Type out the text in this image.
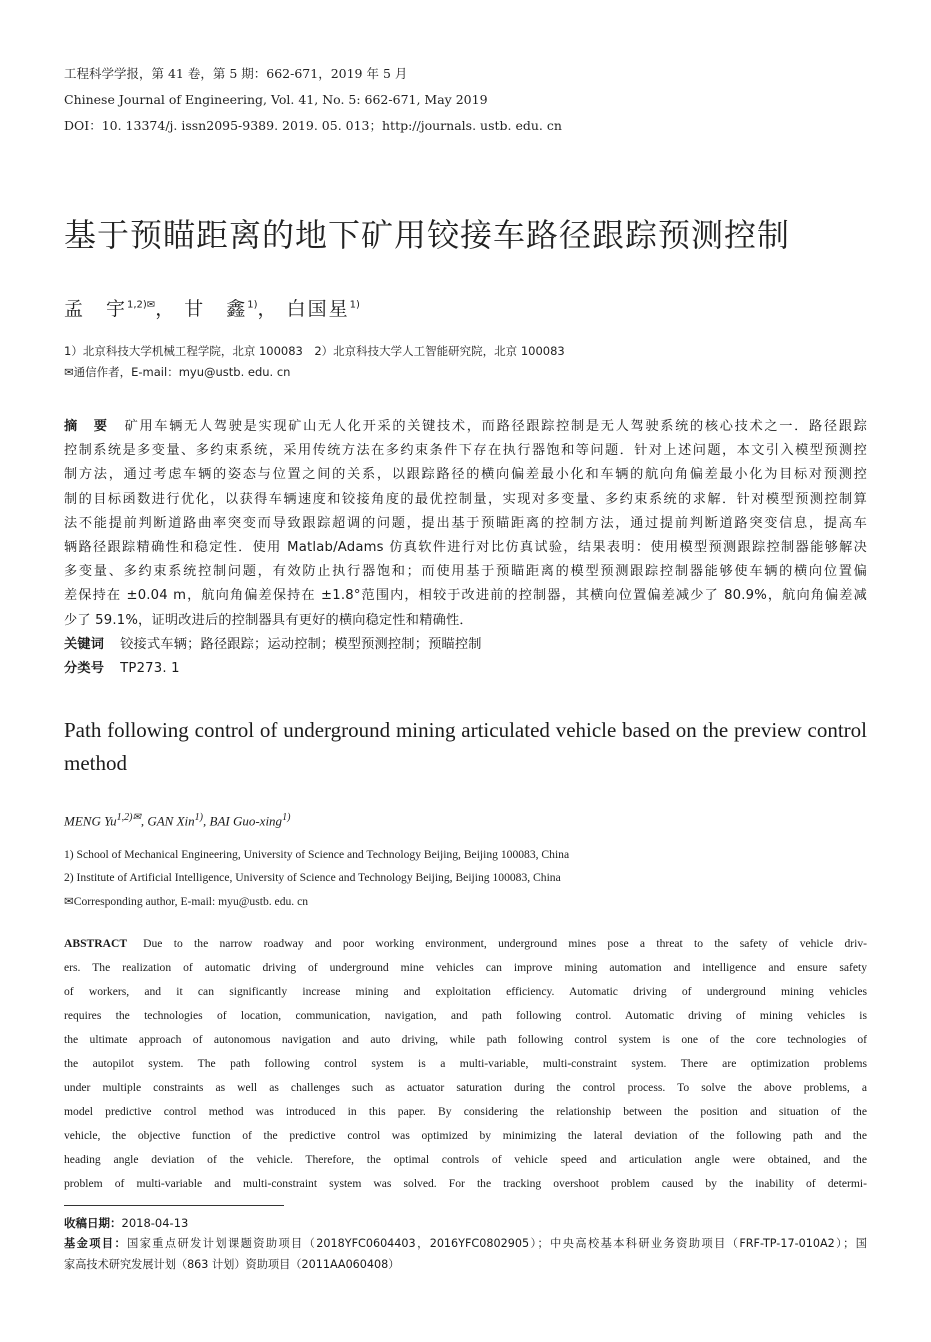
工程科学学报，第 41 卷，第 5 期：662-671，2019 年 5 月
Chinese Journal of Engineering, Vol. 41, No. 5: 662-671, May 2019
DOI：10. 13374/j. issn2095-9389. 2019. 05. 013；http://journals. ustb. edu. cn
基于预瞄距离的地下矿用铰接车路径跟踪预测控制
孟　宇$^{1,2)✉}$， 甘　鑫$^{1)}$， 白国星$^{1)}$
1）北京科技大学机械工程学院，北京 100083　2）北京科技大学人工智能研究院，北京 100083
✉通信作者，E-mail：myu@ustb. edu. cn
摘　要 矿用车辆无人驾驶是实现矿山无人化开采的关键技术，而路径跟踪控制是无人驾驶系统的核心技术之一．路径跟踪
控制系统是多变量、多约束系统，采用传统方法在多约束条件下存在执行器饱和等问题．针对上述问题，本文引入模型预测控
制方法，通过考虑车辆的姿态与位置之间的关系，以跟踪路径的横向偏差最小化和车辆的航向角偏差最小化为目标对预测控
制的目标函数进行优化，以获得车辆速度和铰接角度的最优控制量，实现对多变量、多约束系统的求解．针对模型预测控制算
法不能提前判断道路曲率突变而导致跟踪超调的问题，提出基于预瞄距离的控制方法，通过提前判断道路突变信息，提高车
辆路径跟踪精确性和稳定性．使用 Matlab/Adams 仿真软件进行对比仿真试验，结果表明：使用模型预测跟踪控制器能够解决
多变量、多约束系统控制问题，有效防止执行器饱和；而使用基于预瞄距离的模型预测跟踪控制器能够使车辆的横向位置偏
差保持在 ±0.04 m，航向角偏差保持在 ±1.8°范围内，相较于改进前的控制器，其横向位置偏差减少了 80.9%，航向角偏差减
少了 59.1%，证明改进后的控制器具有更好的横向稳定性和精确性．
关键词 铰接式车辆；路径跟踪；运动控制；模型预测控制；预瞄控制
分类号 TP273. 1
Path following control of underground mining articulated vehicle based on the preview control method
MENG $Yu^{1,2)✉}$, GAN Xin$^{1)}$, BAI Guo-xing$^{1)}$
1) School of Mechanical Engineering, University of Science and Technology Beijing, Beijing 100083, China
2) Institute of Artificial Intelligence, University of Science and Technology Beijing, Beijing 100083, China
✉Corresponding author, E-mail: myu@ustb. edu. cn
ABSTRACT Due to the narrow roadway and poor working environment, underground mines pose a threat to the safety of vehicle driv-
ers. The realization of automatic driving of underground mine vehicles can improve mining automation and intelligence and ensure safety
of workers, and it can significantly increase mining and exploitation efficiency. Automatic driving of underground mining vehicles
requires the technologies of location, communication, navigation, and path following control. Automatic driving of mining vehicles is
the ultimate approach of autonomous navigation and auto driving, while path following control system is one of the core technologies of
the autopilot system. The path following control system is a multi-variable, multi-constraint system. There are optimization problems
under multiple constraints as well as challenges such as actuator saturation during the control process. To solve the above problems, a
model predictive control method was introduced in this paper. By considering the relationship between the position and situation of the
vehicle, the objective function of the predictive control was optimized by minimizing the lateral deviation of the following path and the
heading angle deviation of the vehicle. Therefore, the optimal controls of vehicle speed and articulation angle were obtained, and the
problem of multi-variable and multi-constraint system was solved. For the tracking overshoot problem caused by the inability of determi-
收稿日期：2018-04-13
基金项目：国家重点研发计划课题资助项目（2018YFC0604403，2016YFC0802905）；中央高校基本科研业务资助项目（FRF-TP-17-010A2）；国
家高技术研究发展计划（863 计划）资助项目（2011AA060408）
